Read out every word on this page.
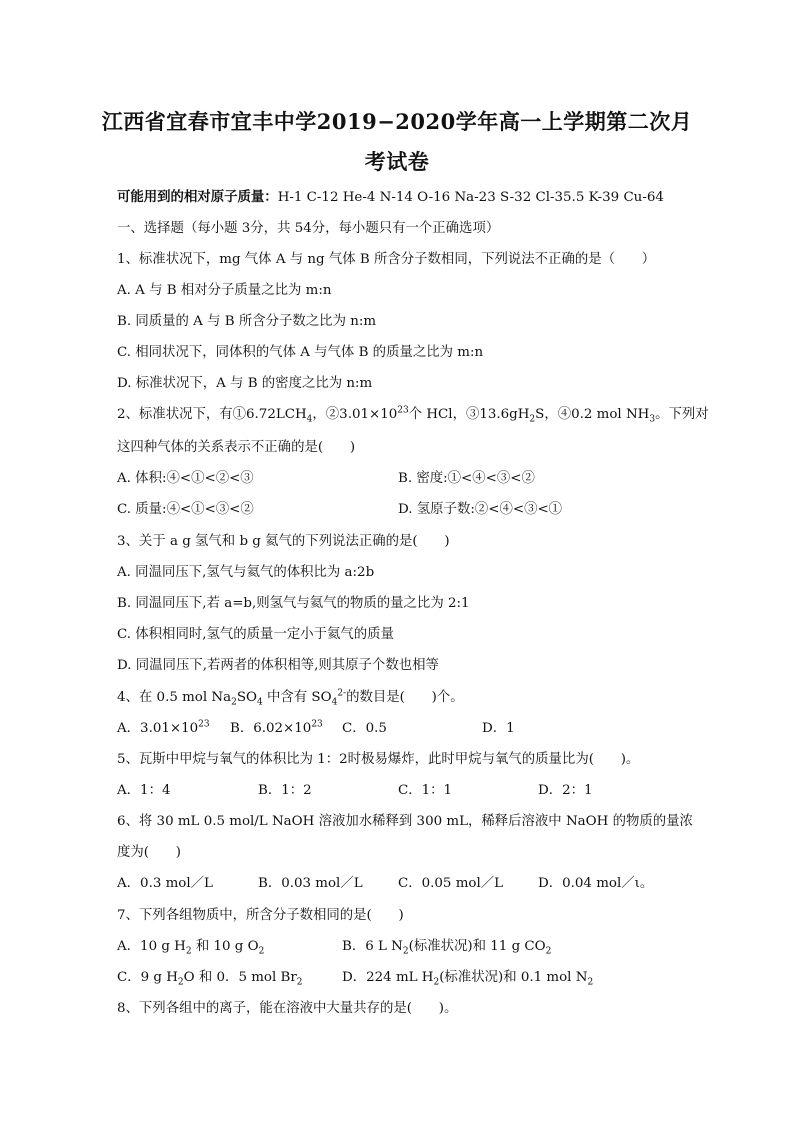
江西省宜春市宜丰中学2019−2020学年高一上学期第二次月
考试卷
可能用到的相对原子质量：H-1 C-12 He-4 N-14 O-16 Na-23 S-32 Cl-35.5 K-39 Cu-64
一、选择题（每小题 3分，共 54分，每小题只有一个正确选项）
1、标准状况下，mg 气体 A 与 ng 气体 B 所含分子数相同，下列说法不正确的是（　　）
A. A 与 B 相对分子质量之比为 m:n
B. 同质量的 A 与 B 所含分子数之比为 n:m
C. 相同状况下，同体积的气体 A 与气体 B 的质量之比为 m:n
D. 标准状况下，A 与 B 的密度之比为 n:m
2、标准状况下，有$①6.72LCH_4$，$②3.01\times 10^{23}$个 HCl，$③13.6gH_2S$，④0.2 mol $NH_3$。下列对
这四种气体的关系表示不正确的是(　　)
A. 体积:④<①<②<③	B. 密度:①<④<③<②
C. 质量:④<①<③<②	D. 氢原子数:②<④<③<①
3、关于 a g 氢气和 b g 氦气的下列说法正确的是(　　)
A. 同温同压下,氢气与氦气的体积比为 a:2b
B. 同温同压下,若 a=b,则氢气与氦气的物质的量之比为 2:1
C. 体积相同时,氢气的质量一定小于氦气的质量
D. 同温同压下,若两者的体积相等,则其原子个数也相等
4、在 0.5 mol $Na_2SO_4$ 中含有 $SO_4^{2-}$的数目是(　　)个。
A．$3.01\times 10^{23}$ B．$6.02\times 10^{23}$ C．0.5	D．1
5、瓦斯中甲烷与氧气的体积比为 1：2时极易爆炸，此时甲烷与氧气的质量比为(　　)。
A．1：4	B．1：2	C．1：1	D．2：1
6、将 30 mL 0.5 mol/L NaOH 溶液加水稀释到 300 mL，稀释后溶液中 NaOH 的物质的量浓
度为(　　)
A．0.3 mol／L	B．0.03 mol／L	C．0.05 mol／L	D．0.04 mol／ι。
7、下列各组物质中，所含分子数相同的是(　　)
A．10 g $H_2$ 和 10 g $O_2$	B．6 L $N_2$(标准状况)和 11 g $CO_2$
C．9 g $H_2O$ 和 0．5 mol $Br_2$	D．224 mL $H_2$(标准状况)和 0.1 mol $N_2$
8、下列各组中的离子，能在溶液中大量共存的是(　　)。
